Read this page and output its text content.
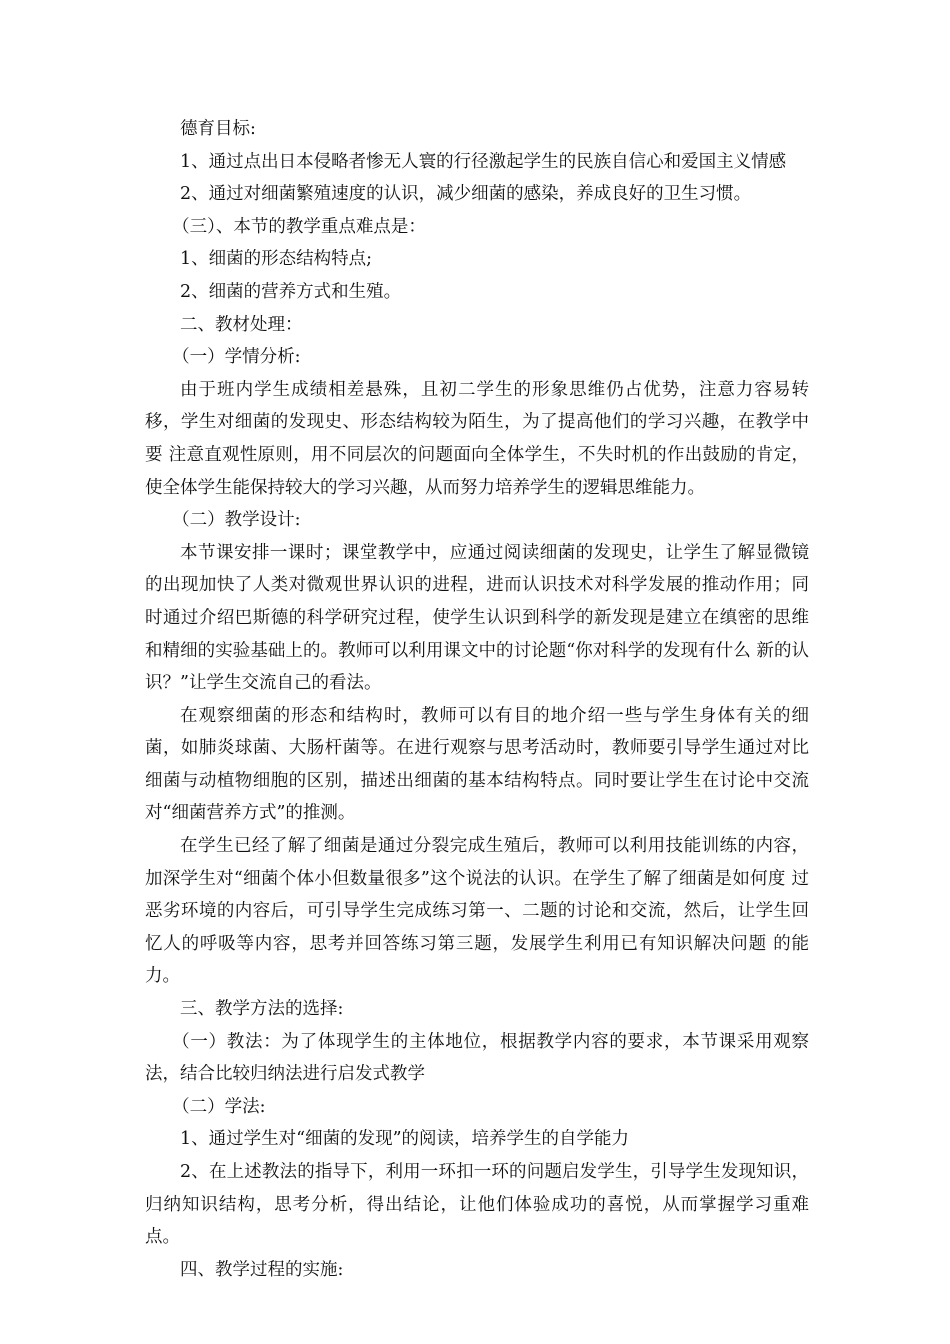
德育目标:

1、通过点出日本侵略者惨无人寰的行径激起学生的民族自信心和爱国主义情感

2、通过对细菌繁殖速度的认识，减少细菌的感染，养成良好的卫生习惯。

（三）、本节的教学重点难点是：

1、细菌的形态结构特点;

2、细菌的营养方式和生殖。

二、教材处理：

（一）学情分析:

由于班内学生成绩相差悬殊，且初二学生的形象思维仍占优势，注意力容易转移，学生对细菌的发现史、形态结构较为陌生，为了提高他们的学习兴趣，在教学中要 注意直观性原则，用不同层次的问题面向全体学生，不失时机的作出鼓励的肯定，使全体学生能保持较大的学习兴趣，从而努力培养学生的逻辑思维能力。

（二）教学设计:

本节课安排一课时；课堂教学中，应通过阅读细菌的发现史，让学生了解显微镜的出现加快了人类对微观世界认识的进程，进而认识技术对科学发展的推动作用；同 时通过介绍巴斯德的科学研究过程，使学生认识到科学的新发现是建立在缜密的思维和精细的实验基础上的。教师可以利用课文中的讨论题“你对科学的发现有什么 新的认识？”让学生交流自己的看法。

在观察细菌的形态和结构时，教师可以有目的地介绍一些与学生身体有关的细菌，如肺炎球菌、大肠杆菌等。在进行观察与思考活动时，教师要引导学生通过对比细菌与动植物细胞的区别，描述出细菌的基本结构特点。同时要让学生在讨论中交流对“细菌营养方式”的推测。

在学生已经了解了细菌是通过分裂完成生殖后，教师可以利用技能训练的内容，加深学生对“细菌个体小但数量很多”这个说法的认识。在学生了解了细菌是如何度 过恶劣环境的内容后，可引导学生完成练习第一、二题的讨论和交流，然后，让学生回忆人的呼吸等内容，思考并回答练习第三题，发展学生利用已有知识解决问题 的能力。

三、教学方法的选择:

（一）教法：为了体现学生的主体地位，根据教学内容的要求，本节课采用观察法，结合比较归纳法进行启发式教学

（二）学法:

1、通过学生对“细菌的发现”的阅读，培养学生的自学能力

2、在上述教法的指导下，利用一环扣一环的问题启发学生，引导学生发现知识，归纳知识结构，思考分析，得出结论，让他们体验成功的喜悦，从而掌握学习重难点。

四、教学过程的实施:
